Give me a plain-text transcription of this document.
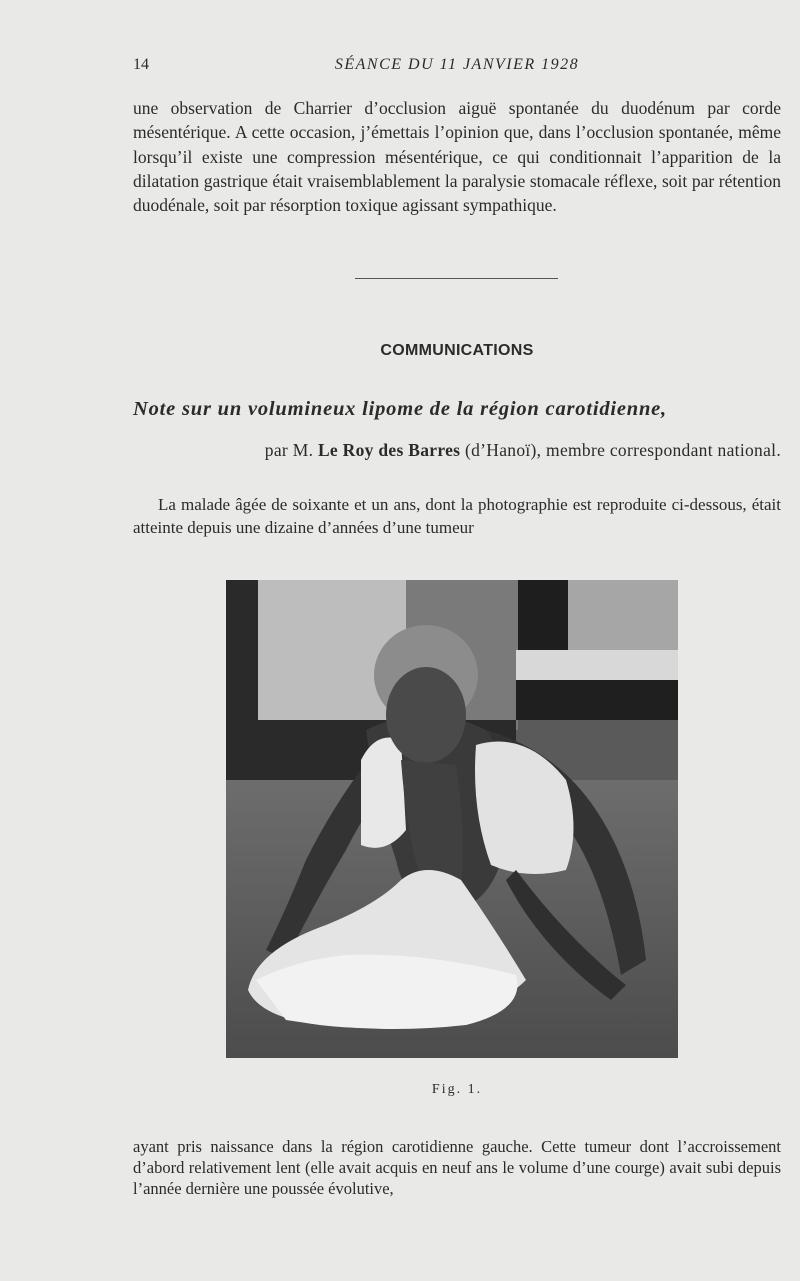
14	SÉANCE DU 11 JANVIER 1928

une observation de Charrier d’occlusion aiguë spontanée du duodénum par corde mésentérique. A cette occasion, j’émettais l’opinion que, dans l’occlusion spontanée, même lorsqu’il existe une compression mésentérique, ce qui conditionnait l’apparition de la dilatation gastrique était vraisemblablement la paralysie stomacale réflexe, soit par rétention duodénale, soit par résorption toxique agissant sympathique.

COMMUNICATIONS
Note sur un volumineux lipome de la région carotidienne,
par M. Le Roy des Barres (d’Hanoï), membre correspondant national.

La malade âgée de soixante et un ans, dont la photographie est reproduite ci-dessous, était atteinte depuis une dizaine d’années d’une tumeur

Fig. 1.

ayant pris naissance dans la région carotidienne gauche. Cette tumeur dont l’accroissement d’abord relativement lent (elle avait acquis en neuf ans le volume d’une courge) avait subi depuis l’année dernière une poussée évolutive,
